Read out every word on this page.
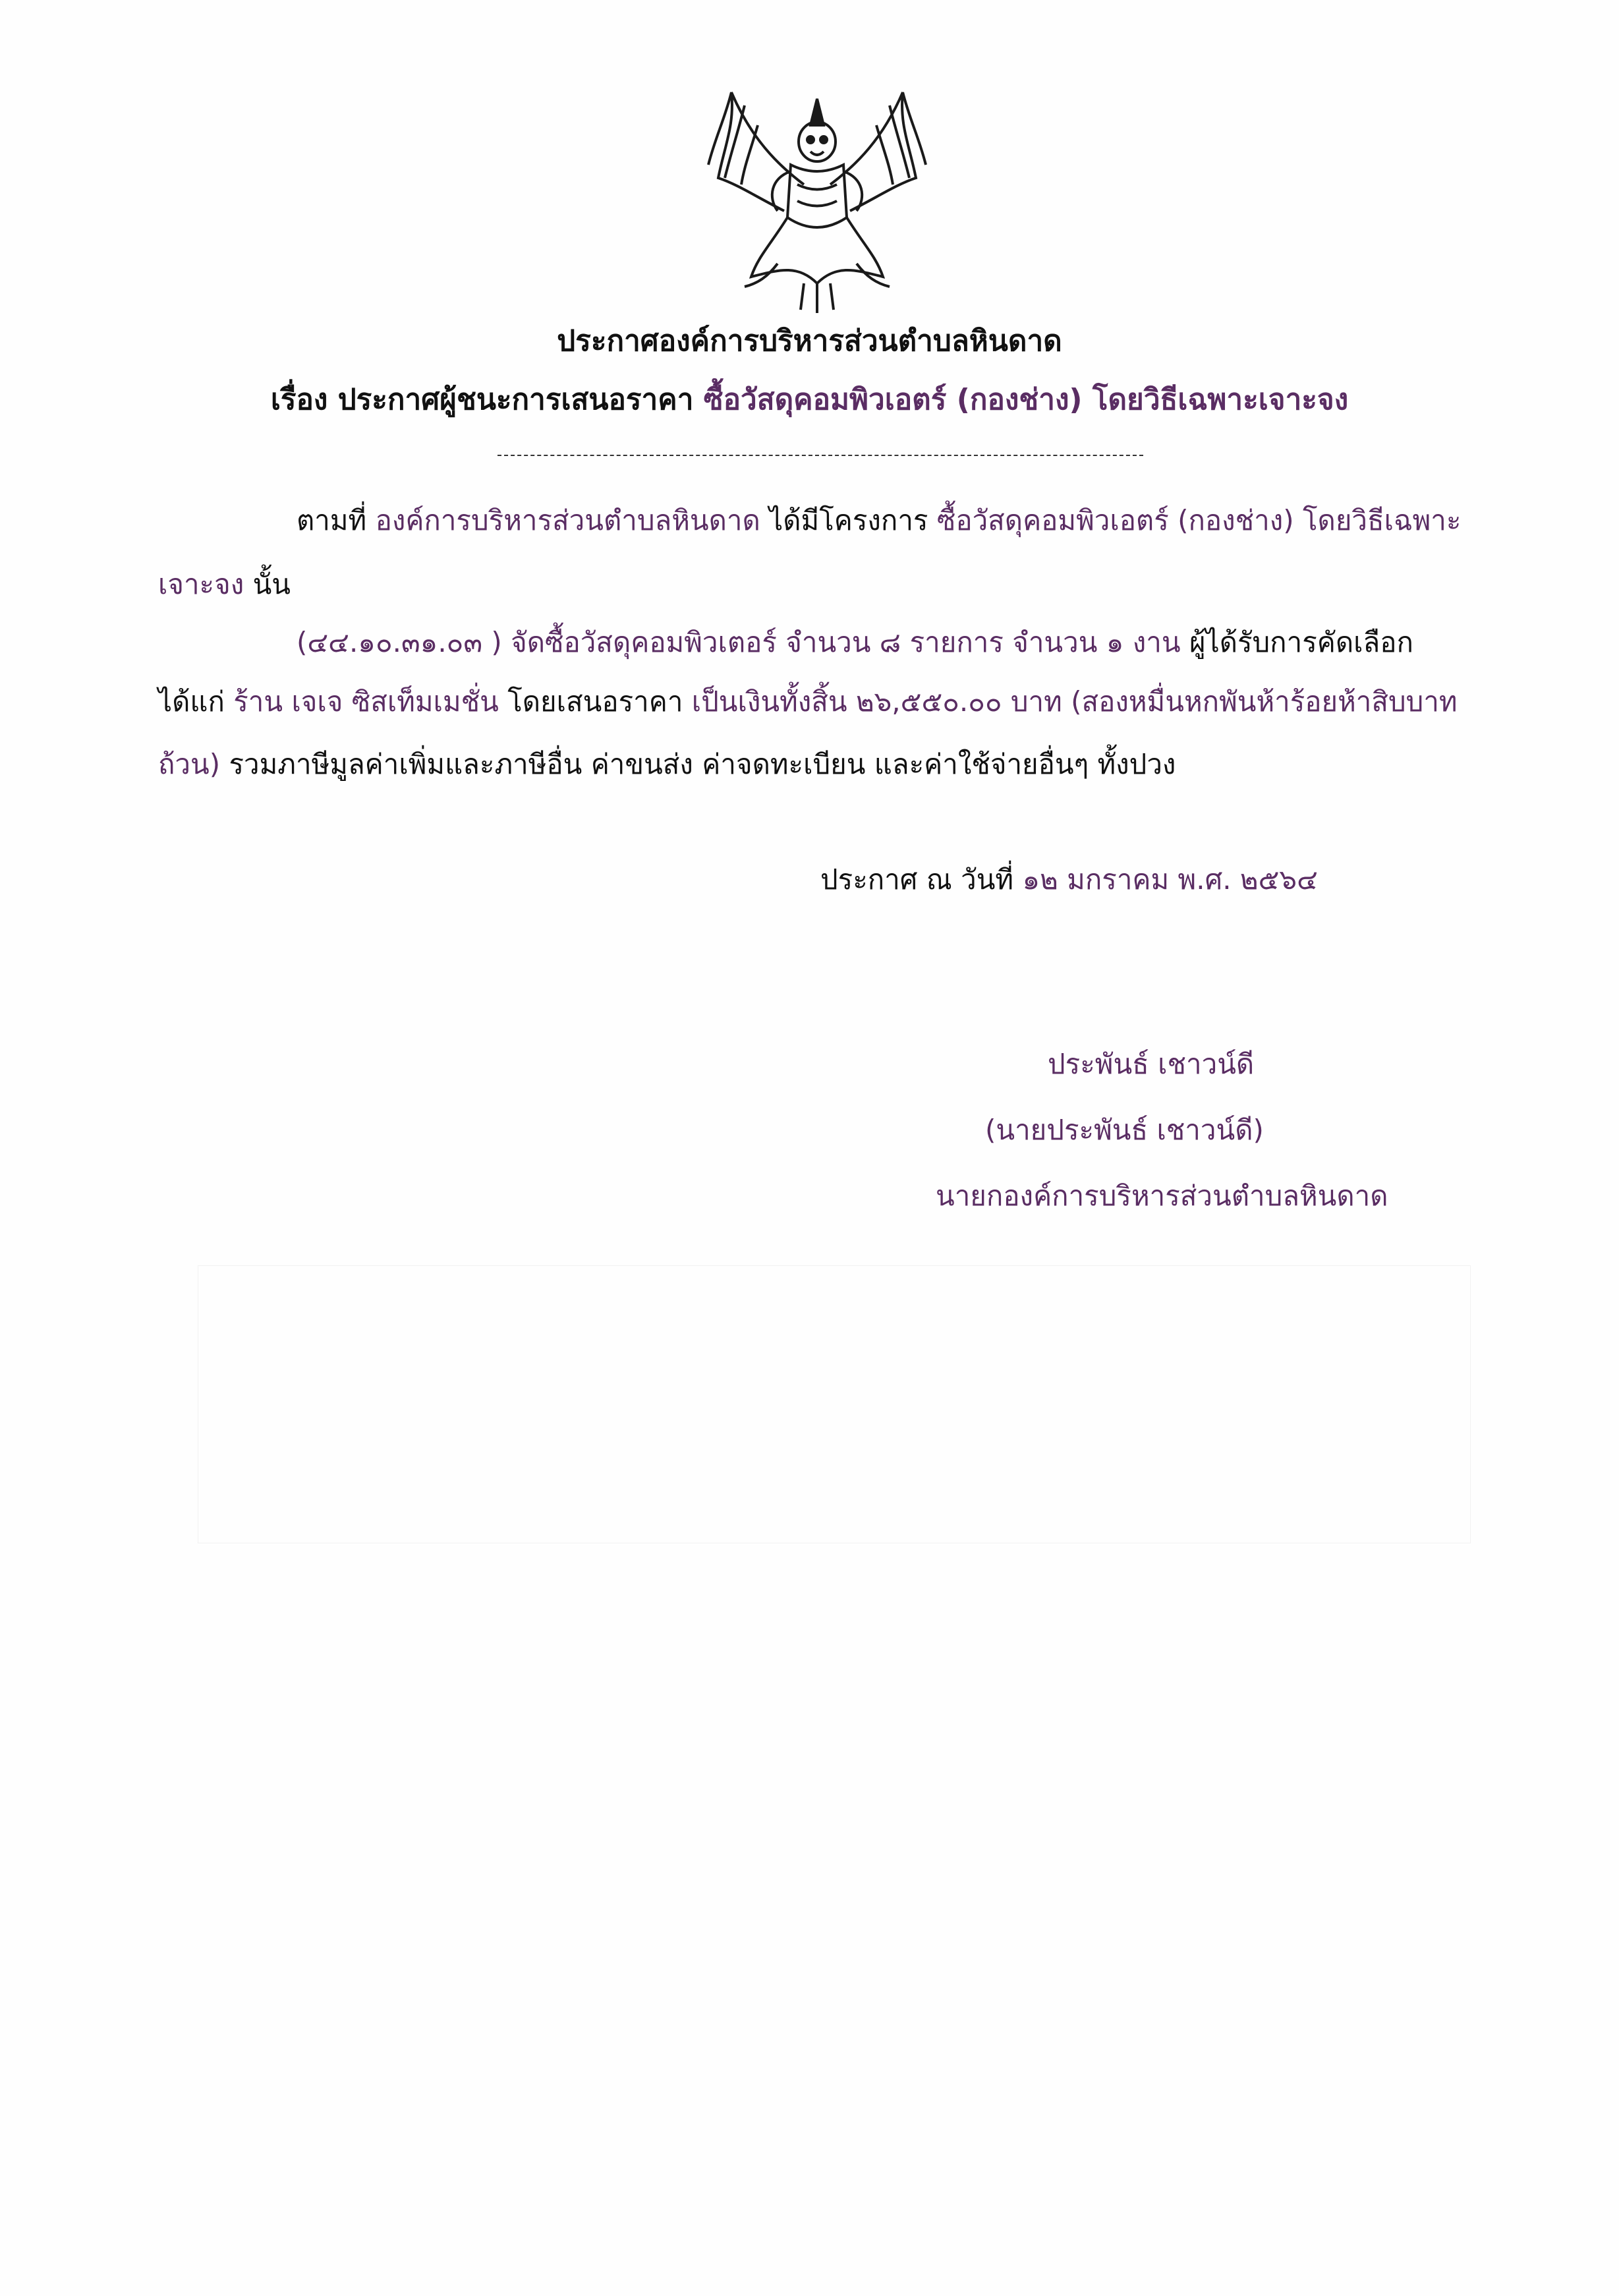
ประกาศองค์การบริหารส่วนตำบลหินดาด
เรื่อง ประกาศผู้ชนะการเสนอราคา ซื้อวัสดุคอมพิวเอตร์ (กองช่าง) โดยวิธีเฉพาะเจาะจง
ตามที่ องค์การบริหารส่วนตำบลหินดาด ได้มีโครงการ ซื้อวัสดุคอมพิวเอตร์ (กองช่าง) โดยวิธีเฉพาะ
เจาะจง นั้น
(๔๔.๑๐.๓๑.๐๓ ) จัดซื้อวัสดุคอมพิวเตอร์ จำนวน ๘ รายการ จำนวน ๑ งาน ผู้ได้รับการคัดเลือก
ได้แก่ ร้าน เจเจ ซิสเท็มเมชั่น โดยเสนอราคา เป็นเงินทั้งสิ้น ๒๖,๕๕๐.๐๐ บาท (สองหมื่นหกพันห้าร้อยห้าสิบบาท
ถ้วน) รวมภาษีมูลค่าเพิ่มและภาษีอื่น ค่าขนส่ง ค่าจดทะเบียน และค่าใช้จ่ายอื่นๆ ทั้งปวง
ประกาศ ณ วันที่ ๑๒ มกราคม พ.ศ. ๒๕๖๔
ประพันธ์ เชาวน์ดี
(นายประพันธ์ เชาวน์ดี)
นายกองค์การบริหารส่วนตำบลหินดาด
